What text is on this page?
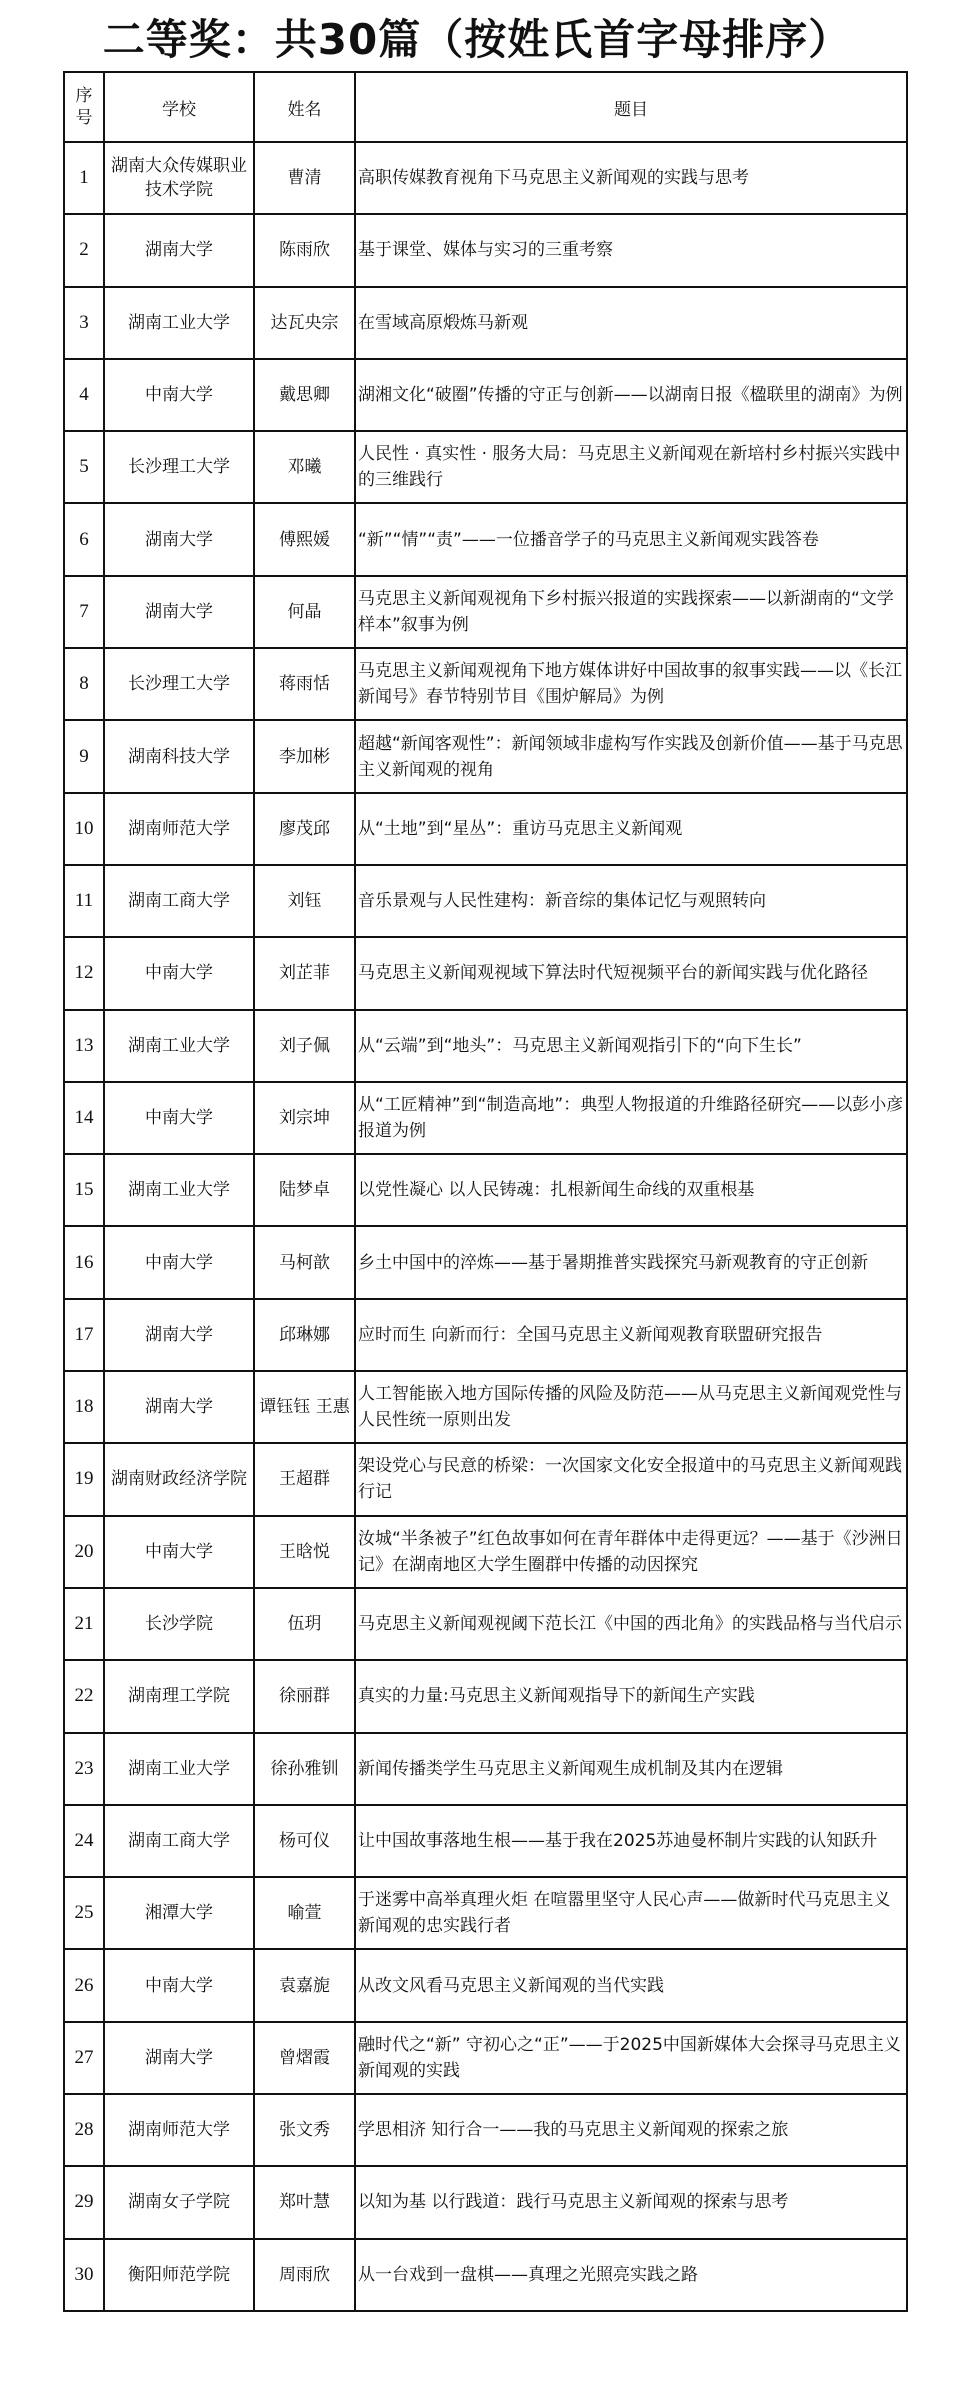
二等奖：共30篇（按姓氏首字母排序）
序号	学校	姓名	题目
1	湖南大众传媒职业技术学院	曹清	高职传媒教育视角下马克思主义新闻观的实践与思考
2	湖南大学	陈雨欣	基于课堂、媒体与实习的三重考察
3	湖南工业大学	达瓦央宗	在雪域高原煅炼马新观
4	中南大学	戴思卿	湖湘文化“破圈”传播的守正与创新——以湖南日报《楹联里的湖南》为例
5	长沙理工大学	邓曦	人民性 · 真实性 · 服务大局：马克思主义新闻观在新培村乡村振兴实践中的三维践行
6	湖南大学	傅熙媛	“新”“情”“责”——一位播音学子的马克思主义新闻观实践答卷
7	湖南大学	何晶	马克思主义新闻观视角下乡村振兴报道的实践探索——以新湖南的“文学样本”叙事为例
8	长沙理工大学	蒋雨恬	马克思主义新闻观视角下地方媒体讲好中国故事的叙事实践——以《长江新闻号》春节特别节目《围炉解局》为例
9	湖南科技大学	李加彬	超越“新闻客观性”：新闻领域非虚构写作实践及创新价值——基于马克思主义新闻观的视角
10	湖南师范大学	廖茂邱	从“土地”到“星丛”：重访马克思主义新闻观
11	湖南工商大学	刘钰	音乐景观与人民性建构：新音综的集体记忆与观照转向
12	中南大学	刘芷菲	马克思主义新闻观视域下算法时代短视频平台的新闻实践与优化路径
13	湖南工业大学	刘子佩	从“云端”到“地头”：马克思主义新闻观指引下的“向下生长”
14	中南大学	刘宗坤	从“工匠精神”到“制造高地”：典型人物报道的升维路径研究——以彭小彦报道为例
15	湖南工业大学	陆梦卓	以党性凝心 以人民铸魂：扎根新闻生命线的双重根基
16	中南大学	马柯歆	乡土中国中的淬炼——基于暑期推普实践探究马新观教育的守正创新
17	湖南大学	邱琳娜	应时而生 向新而行：全国马克思主义新闻观教育联盟研究报告
18	湖南大学	谭钰钰 王惠	人工智能嵌入地方国际传播的风险及防范——从马克思主义新闻观党性与人民性统一原则出发
19	湖南财政经济学院	王超群	架设党心与民意的桥梁：一次国家文化安全报道中的马克思主义新闻观践行记
20	中南大学	王晗悦	汝城“半条被子”红色故事如何在青年群体中走得更远？——基于《沙洲日记》在湖南地区大学生圈群中传播的动因探究
21	长沙学院	伍玥	马克思主义新闻观视阈下范长江《中国的西北角》的实践品格与当代启示
22	湖南理工学院	徐丽群	真实的力量:马克思主义新闻观指导下的新闻生产实践
23	湖南工业大学	徐孙雅钏	新闻传播类学生马克思主义新闻观生成机制及其内在逻辑
24	湖南工商大学	杨可仪	让中国故事落地生根——基于我在2025苏迪曼杯制片实践的认知跃升
25	湘潭大学	喻萱	于迷雾中高举真理火炬 在喧嚣里坚守人民心声——做新时代马克思主义新闻观的忠实践行者
26	中南大学	袁嘉旎	从改文风看马克思主义新闻观的当代实践
27	湖南大学	曾熠霞	融时代之“新” 守初心之“正”——于2025中国新媒体大会探寻马克思主义新闻观的实践
28	湖南师范大学	张文秀	学思相济 知行合一——我的马克思主义新闻观的探索之旅
29	湖南女子学院	郑叶慧	以知为基 以行践道：践行马克思主义新闻观的探索与思考
30	衡阳师范学院	周雨欣	从一台戏到一盘棋——真理之光照亮实践之路
